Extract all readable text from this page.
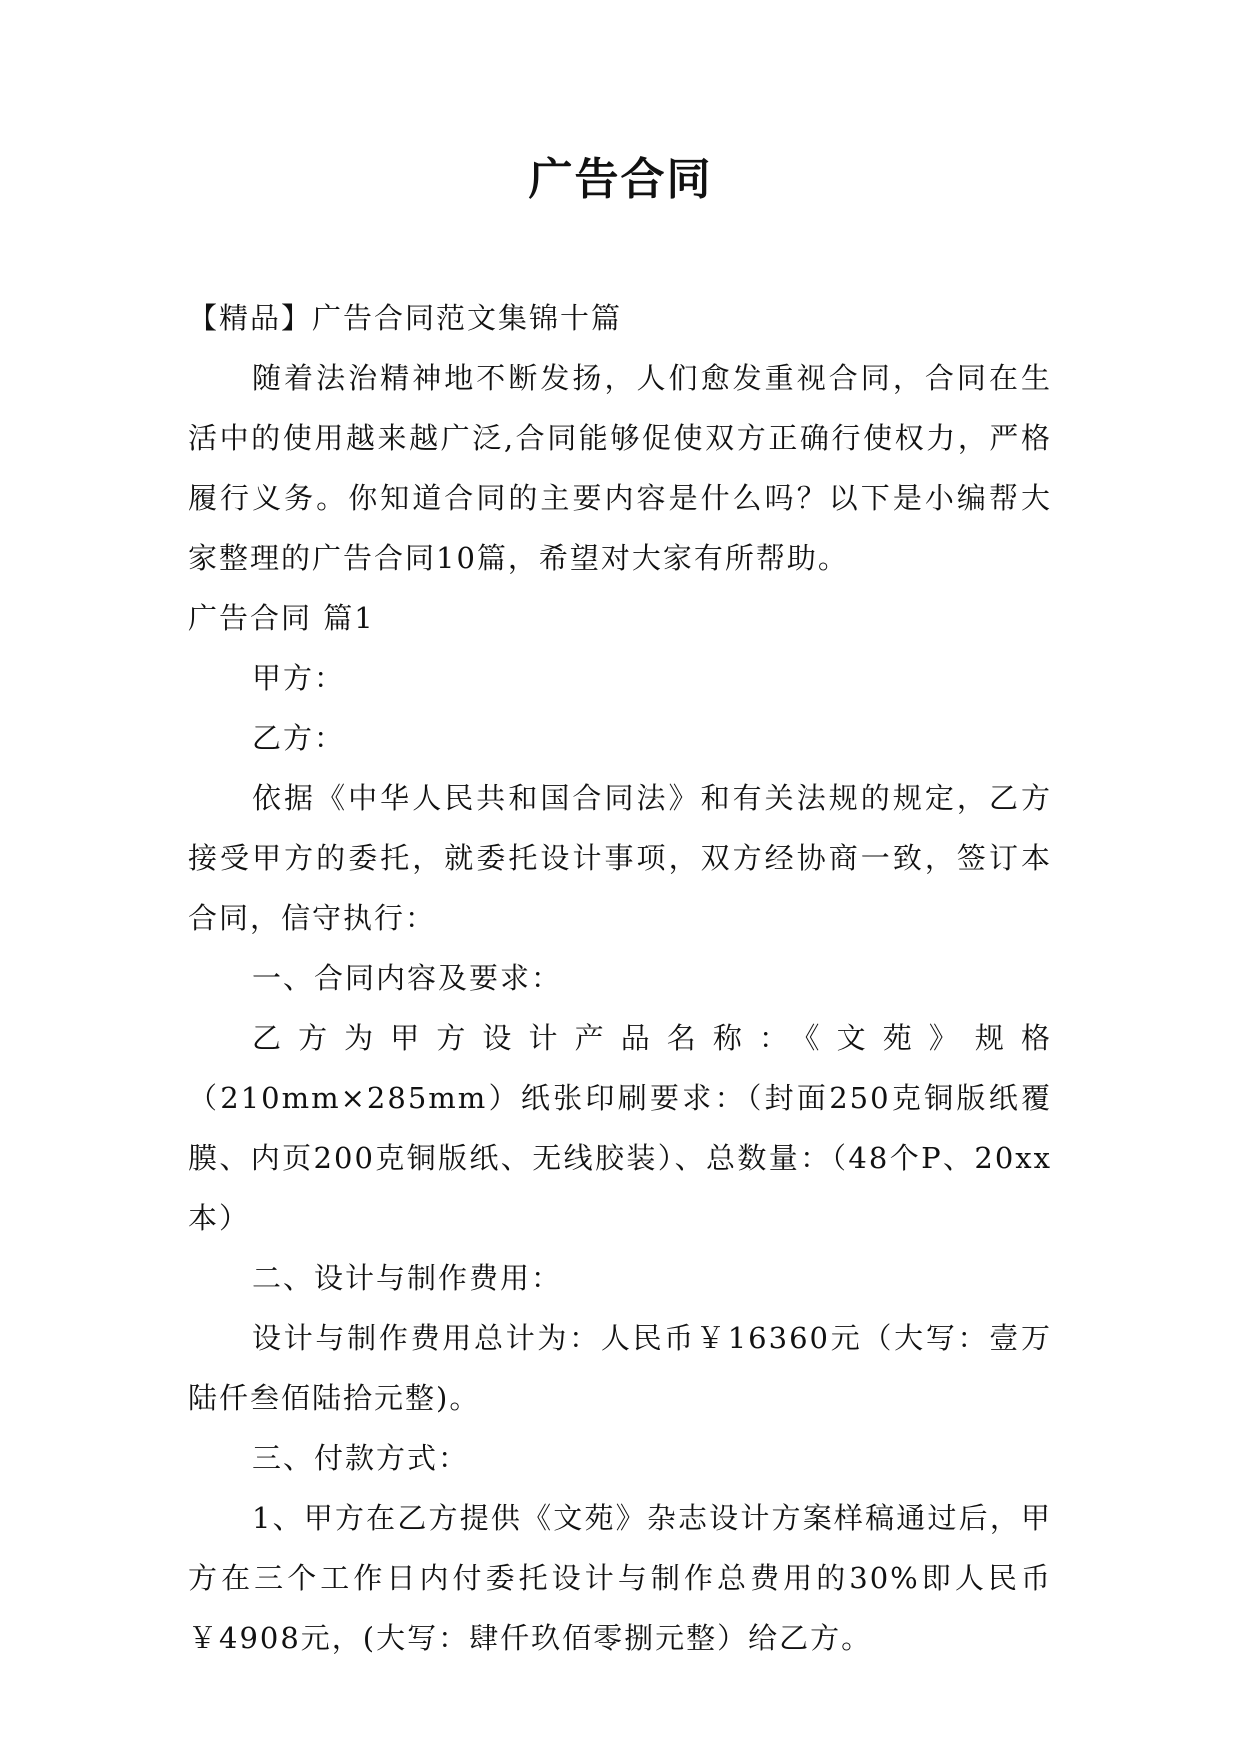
广告合同

【精品】广告合同范文集锦十篇

随着法治精神地不断发扬，人们愈发重视合同，合同在生活中的使用越来越广泛,合同能够促使双方正确行使权力，严格履行义务。你知道合同的主要内容是什么吗？以下是小编帮大家整理的广告合同10篇，希望对大家有所帮助。

广告合同 篇1

甲方：

乙方：

依据《中华人民共和国合同法》和有关法规的规定，乙方接受甲方的委托，就委托设计事项，双方经协商一致，签订本合同，信守执行：

一、合同内容及要求：

乙方为甲方设计产品名称：《文苑》规格（210mm×285mm）纸张印刷要求：（封面250克铜版纸覆膜、内页200克铜版纸、无线胶装）、总数量：（48个P、20xx本）

二、设计与制作费用：

设计与制作费用总计为：人民币￥16360元（大写：壹万陆仟叁佰陆拾元整)。

三、付款方式：

1、甲方在乙方提供《文苑》杂志设计方案样稿通过后，甲方在三个工作日内付委托设计与制作总费用的30%即人民币￥4908元，(大写：肆仟玖佰零捌元整）给乙方。
